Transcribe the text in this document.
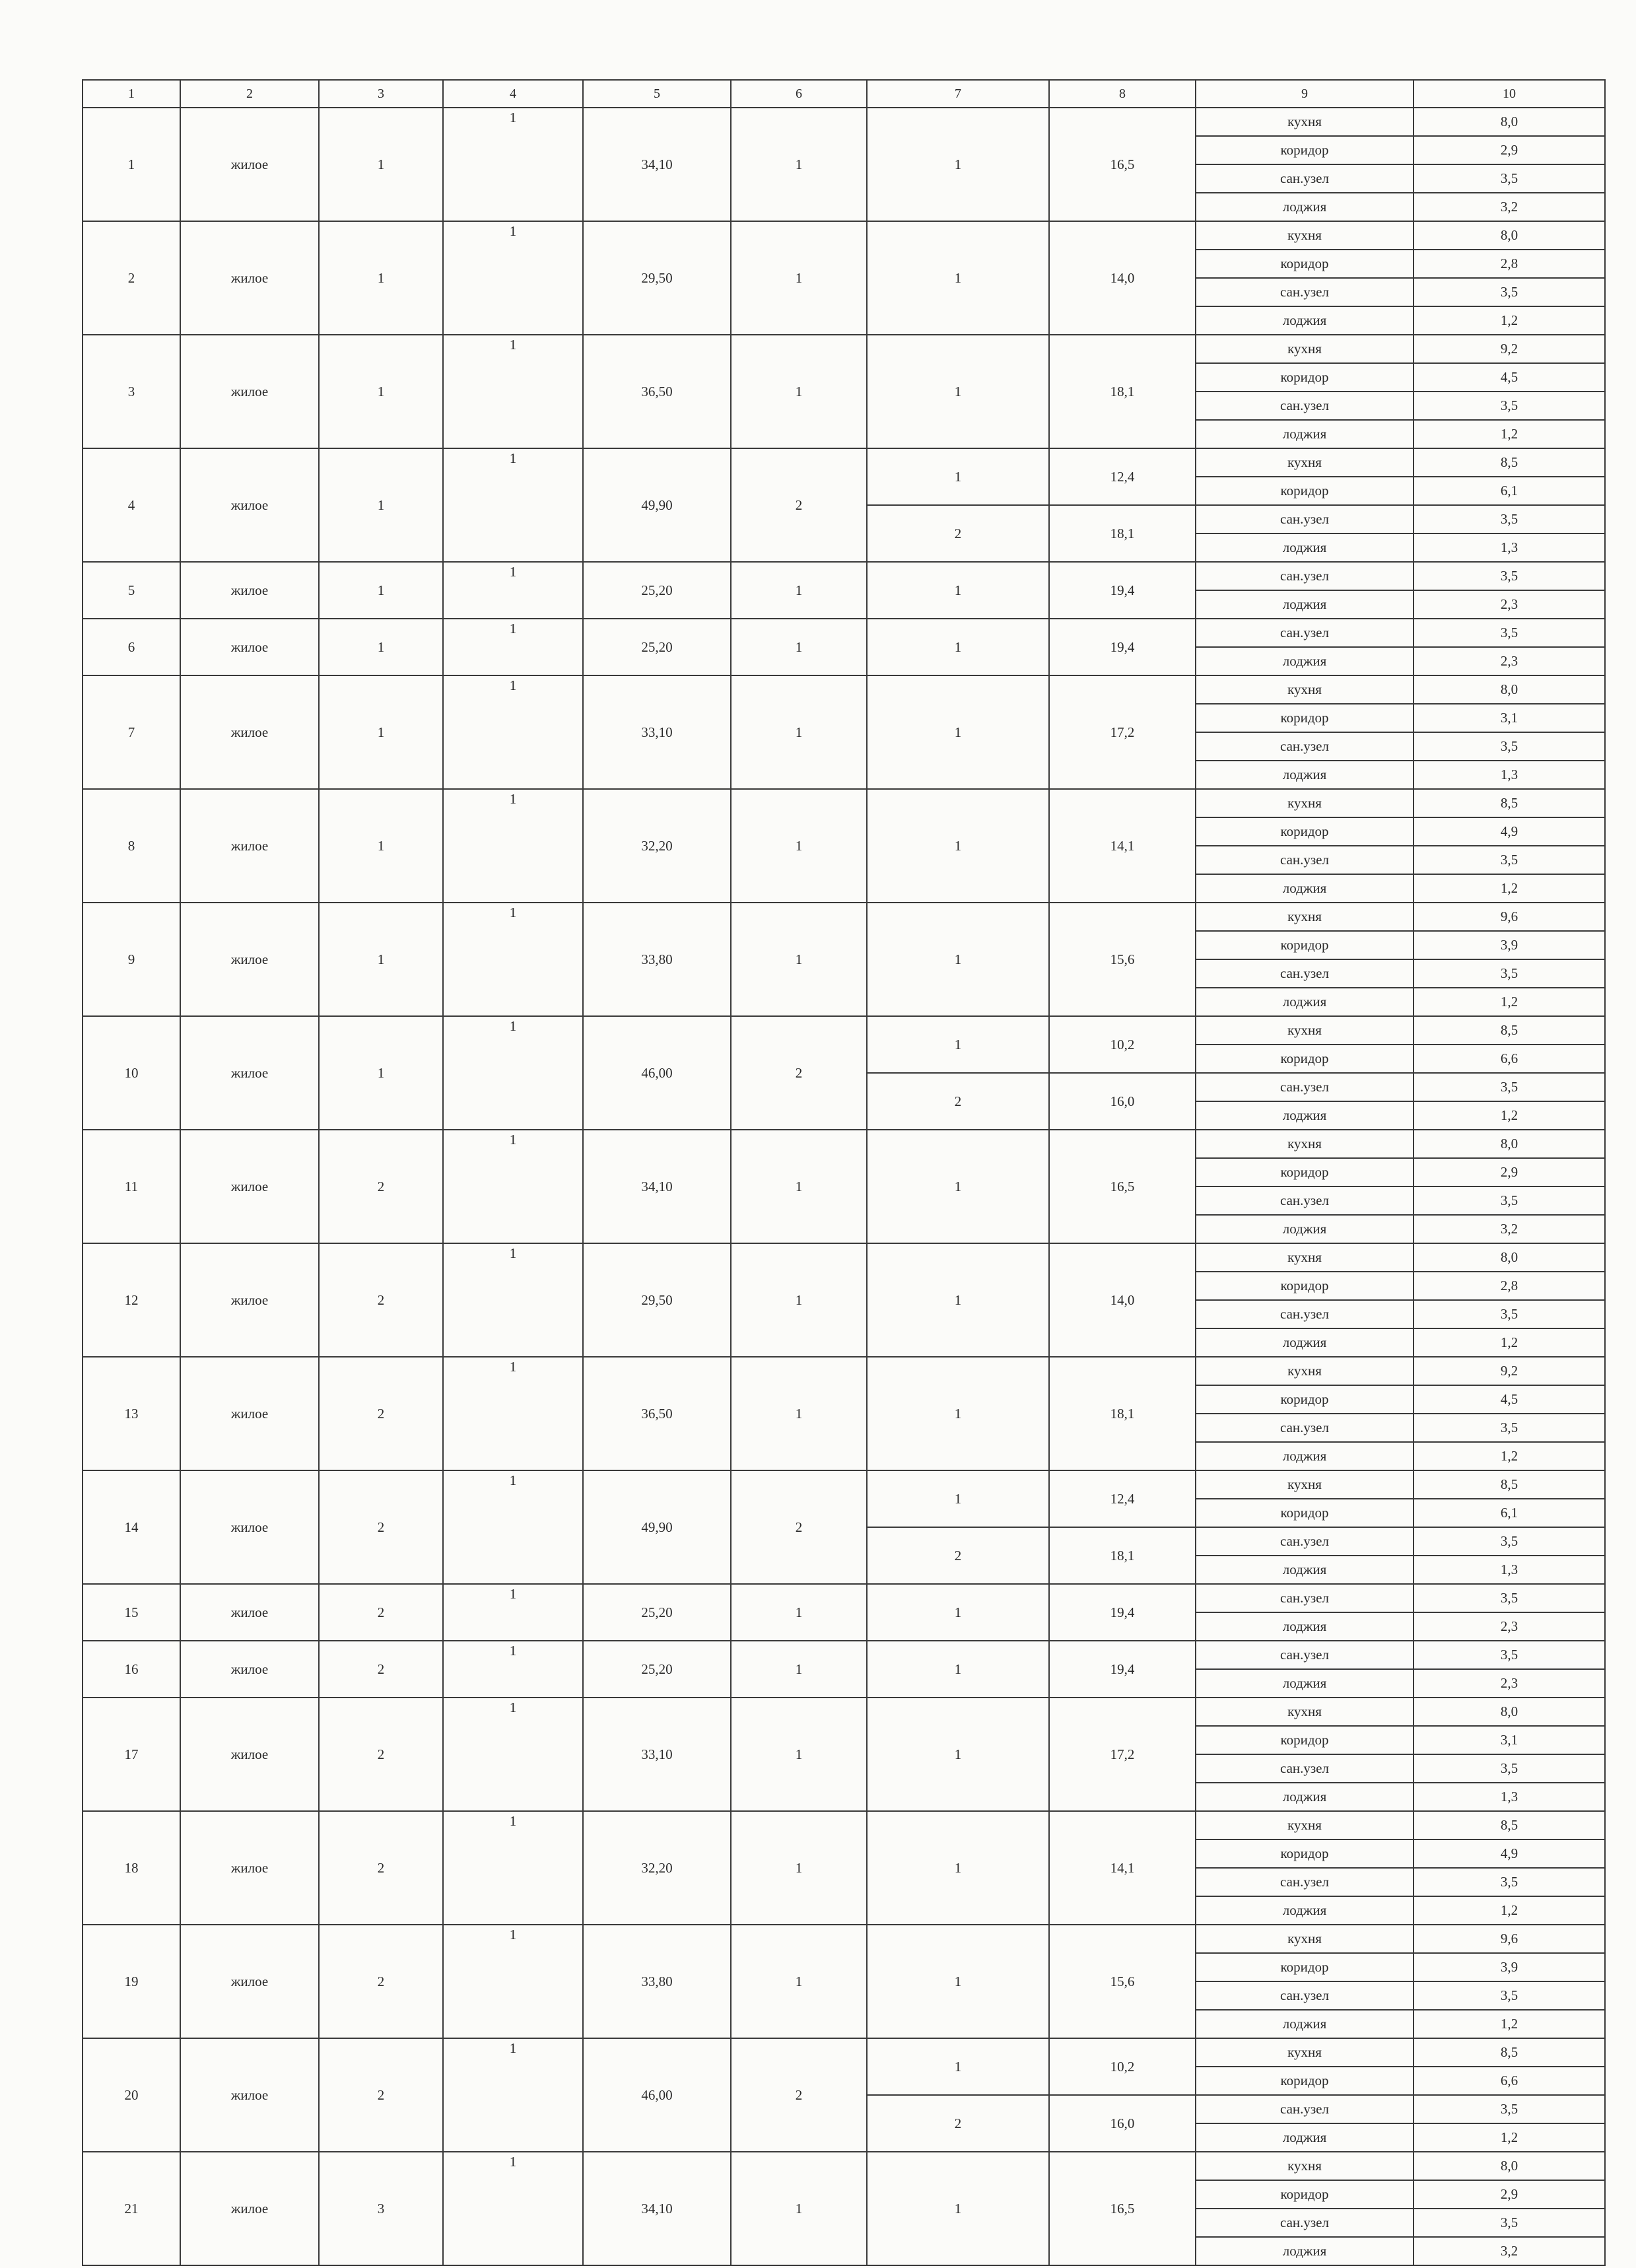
1	2	3	4	5	6	7	8	9	10
1	жилое	1	1	34,10	1	1	16,5	кухня	8,0
								коридор	2,9
								сан.узел	3,5
								лоджия	3,2
2	жилое	1	1	29,50	1	1	14,0	кухня	8,0
								коридор	2,8
								сан.узел	3,5
								лоджия	1,2
3	жилое	1	1	36,50	1	1	18,1	кухня	9,2
								коридор	4,5
								сан.узел	3,5
								лоджия	1,2
4	жилое	1	1	49,90	2	1	12,4	кухня	8,5
								коридор	6,1
						2	18,1	сан.узел	3,5
								лоджия	1,3
5	жилое	1	1	25,20	1	1	19,4	сан.узел	3,5
								лоджия	2,3
6	жилое	1	1	25,20	1	1	19,4	сан.узел	3,5
								лоджия	2,3
7	жилое	1	1	33,10	1	1	17,2	кухня	8,0
								коридор	3,1
								сан.узел	3,5
								лоджия	1,3
8	жилое	1	1	32,20	1	1	14,1	кухня	8,5
								коридор	4,9
								сан.узел	3,5
								лоджия	1,2
9	жилое	1	1	33,80	1	1	15,6	кухня	9,6
								коридор	3,9
								сан.узел	3,5
								лоджия	1,2
10	жилое	1	1	46,00	2	1	10,2	кухня	8,5
								коридор	6,6
						2	16,0	сан.узел	3,5
								лоджия	1,2
11	жилое	2	1	34,10	1	1	16,5	кухня	8,0
								коридор	2,9
								сан.узел	3,5
								лоджия	3,2
12	жилое	2	1	29,50	1	1	14,0	кухня	8,0
								коридор	2,8
								сан.узел	3,5
								лоджия	1,2
13	жилое	2	1	36,50	1	1	18,1	кухня	9,2
								коридор	4,5
								сан.узел	3,5
								лоджия	1,2
14	жилое	2	1	49,90	2	1	12,4	кухня	8,5
								коридор	6,1
						2	18,1	сан.узел	3,5
								лоджия	1,3
15	жилое	2	1	25,20	1	1	19,4	сан.узел	3,5
								лоджия	2,3
16	жилое	2	1	25,20	1	1	19,4	сан.узел	3,5
								лоджия	2,3
17	жилое	2	1	33,10	1	1	17,2	кухня	8,0
								коридор	3,1
								сан.узел	3,5
								лоджия	1,3
18	жилое	2	1	32,20	1	1	14,1	кухня	8,5
								коридор	4,9
								сан.узел	3,5
								лоджия	1,2
19	жилое	2	1	33,80	1	1	15,6	кухня	9,6
								коридор	3,9
								сан.узел	3,5
								лоджия	1,2
20	жилое	2	1	46,00	2	1	10,2	кухня	8,5
								коридор	6,6
						2	16,0	сан.узел	3,5
								лоджия	1,2
21	жилое	3	1	34,10	1	1	16,5	кухня	8,0
								коридор	2,9
								сан.узел	3,5
								лоджия	3,2
